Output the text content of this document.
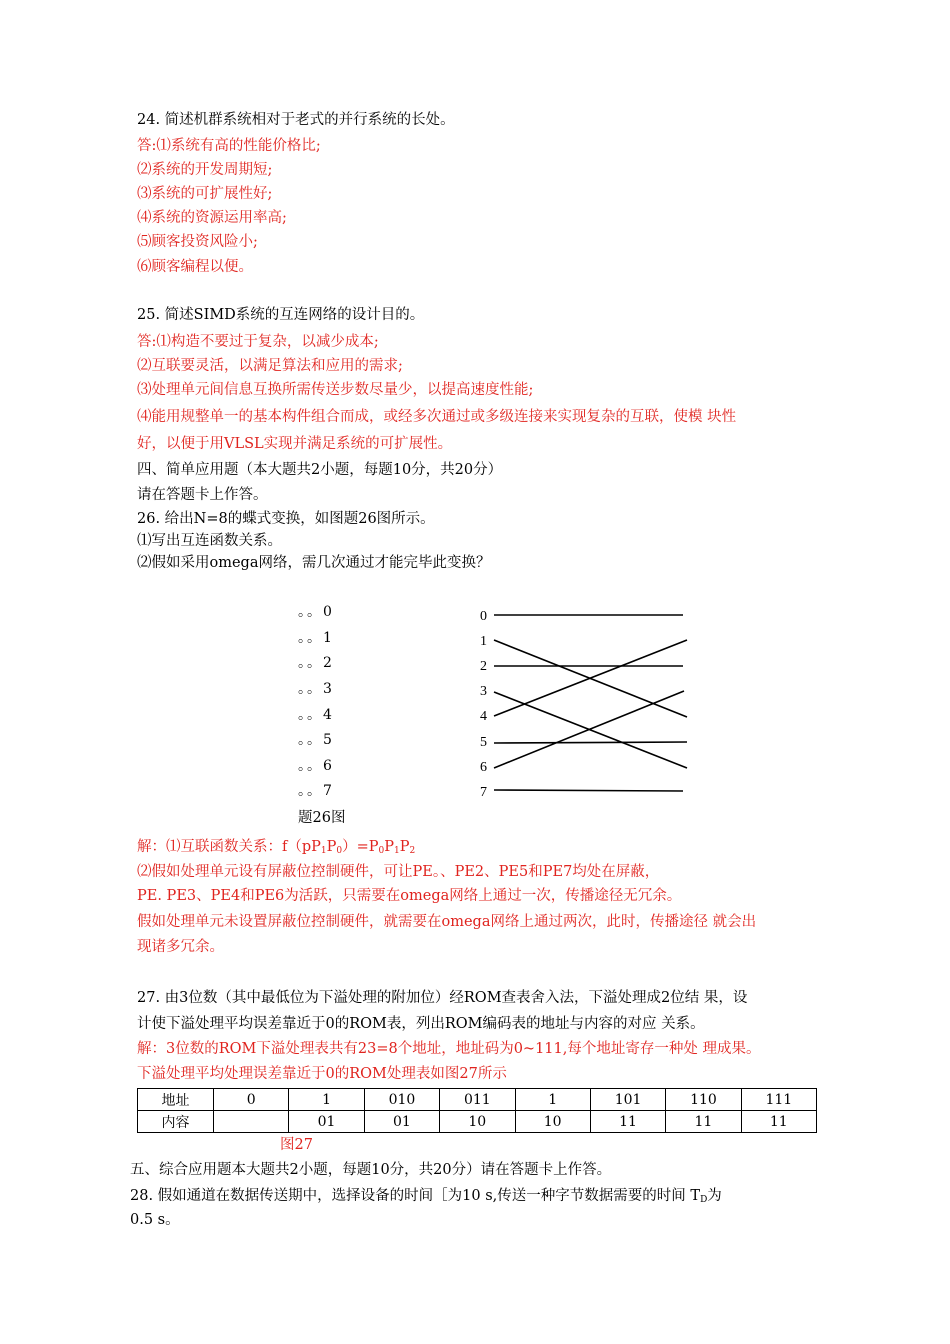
24. 简述机群系统相对于老式的并行系统的长处。
答:⑴系统有高的性能价格比;
⑵系统的开发周期短;
⑶系统的可扩展性好;
⑷系统的资源运用率高;
⑸顾客投资风险小;
⑹顾客编程以便。
25. 简述SIMD系统的互连网络的设计目的。
答:⑴构造不要过于复杂，以减少成本;
⑵互联要灵活，以满足算法和应用的需求;
⑶处理单元间信息互换所需传送步数尽量少，以提高速度性能;
⑷能用规整单一的基本构件组合而成，或经多次通过或多级连接来实现复杂的互联，使模 块性
好，以便于用VLSL实现并满足系统的可扩展性。
四、简单应用题（本大题共2小题，每题10分，共20分）
请在答题卡上作答。
26. 给出N=8的蝶式变换，如图题26图所示。
⑴写出互连函数关系。
⑵假如采用omega网络，需几次通过才能完毕此变换？
。。0
。。1
。。2
。。3
。。4
。。5
。。6
。。7
题26图
0
1
2
3
4
5
6
7
解：⑴互联函数关系：$f(pP_1P_0)=P_0P_1P_2$
⑵假如处理单元设有屏蔽位控制硬件，可让PE。、PE2、PE5和PE7均处在屏蔽，
PE. PE3、PE4和PE6为活跃，只需要在omega网络上通过一次，传播途径无冗余。
假如处理单元未设置屏蔽位控制硬件，就需要在omega网络上通过两次，此时，传播途径 就会出
现诸多冗余。
27. 由3位数（其中最低位为下溢处理的附加位）经ROM查表舍入法，下溢处理成2位结 果，设
计使下溢处理平均误差靠近于0的ROM表，列出ROM编码表的地址与内容的对应 关系。
解：3位数的ROM下溢处理表共有23=8个地址，地址码为0~111,每个地址寄存一种处 理成果。
下溢处理平均处理误差靠近于0的ROM处理表如图27所示
地址	0	1	010	011	1	101	110	111
内容		01	01	10	10	11	11	11
图27
五、综合应用题本大题共2小题，每题10分，共20分）请在答题卡上作答。
28. 假如通道在数据传送期中，选择设备的时间［为10 s,传送一种字节数据需要的时间 $T_D$为
0.5 s。
